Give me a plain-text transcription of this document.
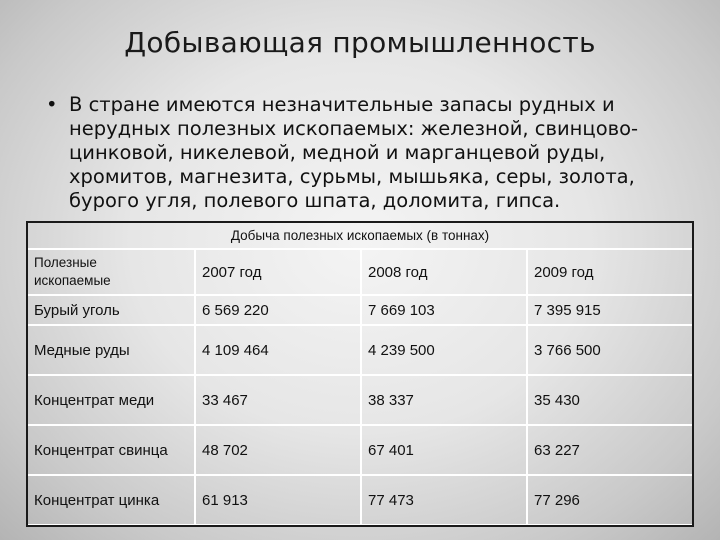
Добывающая промышленность
• В стране имеются незначительные запасы рудных и
нерудных полезных ископаемых: железной, свинцово-
цинковой, никелевой, медной и марганцевой руды,
хромитов, магнезита, сурьмы, мышьяка, серы, золота,
бурого угля, полевого шпата, доломита, гипса.
Добыча полезных ископаемых (в тоннах)			
Полезные
ископаемые	2007 год	2008 год	2009 год
Бурый уголь	6 569 220	7 669 103	7 395 915
Медные руды	4 109 464	4 239 500	3 766 500
Концентрат меди	33 467	38 337	35 430
Концентрат свинца	48 702	67 401	63 227
Концентрат цинка	61 913	77 473	77 296
